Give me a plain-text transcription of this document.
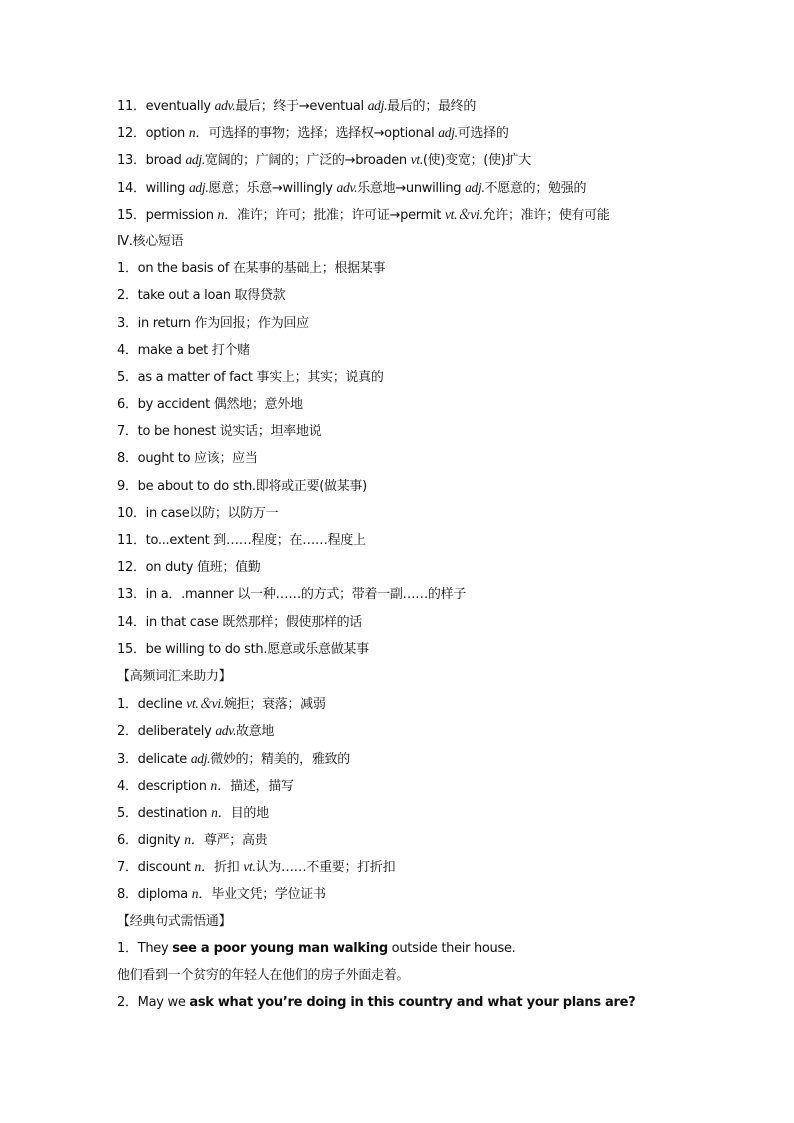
11．eventually adv.最后；终于→eventual adj.最后的；最终的
12．option n．可选择的事物；选择；选择权→optional adj.可选择的
13．broad adj.宽阔的；广阔的；广泛的→broaden vt.(使)变宽；(使)扩大
14．willing adj.愿意；乐意→willingly adv.乐意地→unwilling adj.不愿意的；勉强的
15．permission n．准许；许可；批准；许可证→permit vt.＆vi.允许；准许；使有可能
Ⅳ.核心短语
1．on the basis of 在某事的基础上；根据某事
2．take out a loan 取得贷款
3．in return 作为回报；作为回应
4．make a bet 打个赌
5．as a matter of fact 事实上；其实；说真的
6．by accident 偶然地；意外地
7．to be honest 说实话；坦率地说
8．ought to 应该；应当
9．be about to do sth.即将或正要(做某事)
10．in case以防；以防万一
11．to...extent 到……程度；在……程度上
12．on duty 值班；值勤
13．in a．.manner 以一种……的方式；带着一副……的样子
14．in that case 既然那样；假使那样的话
15．be willing to do sth.愿意或乐意做某事
【高频词汇来助力】
1．decline vt.＆vi.婉拒；衰落；减弱
2．deliberately adv.故意地
3．delicate adj.微妙的；精美的，雅致的
4．description n．描述，描写
5．destination n．目的地
6．dignity n．尊严；高贵
7．discount n．折扣 vt.认为……不重要；打折扣
8．diploma n．毕业文凭；学位证书
【经典句式需悟通】
1．They see a poor young man walking outside their house.
他们看到一个贫穷的年轻人在他们的房子外面走着。
2．May we ask what you’re doing in this country and what your plans are?
